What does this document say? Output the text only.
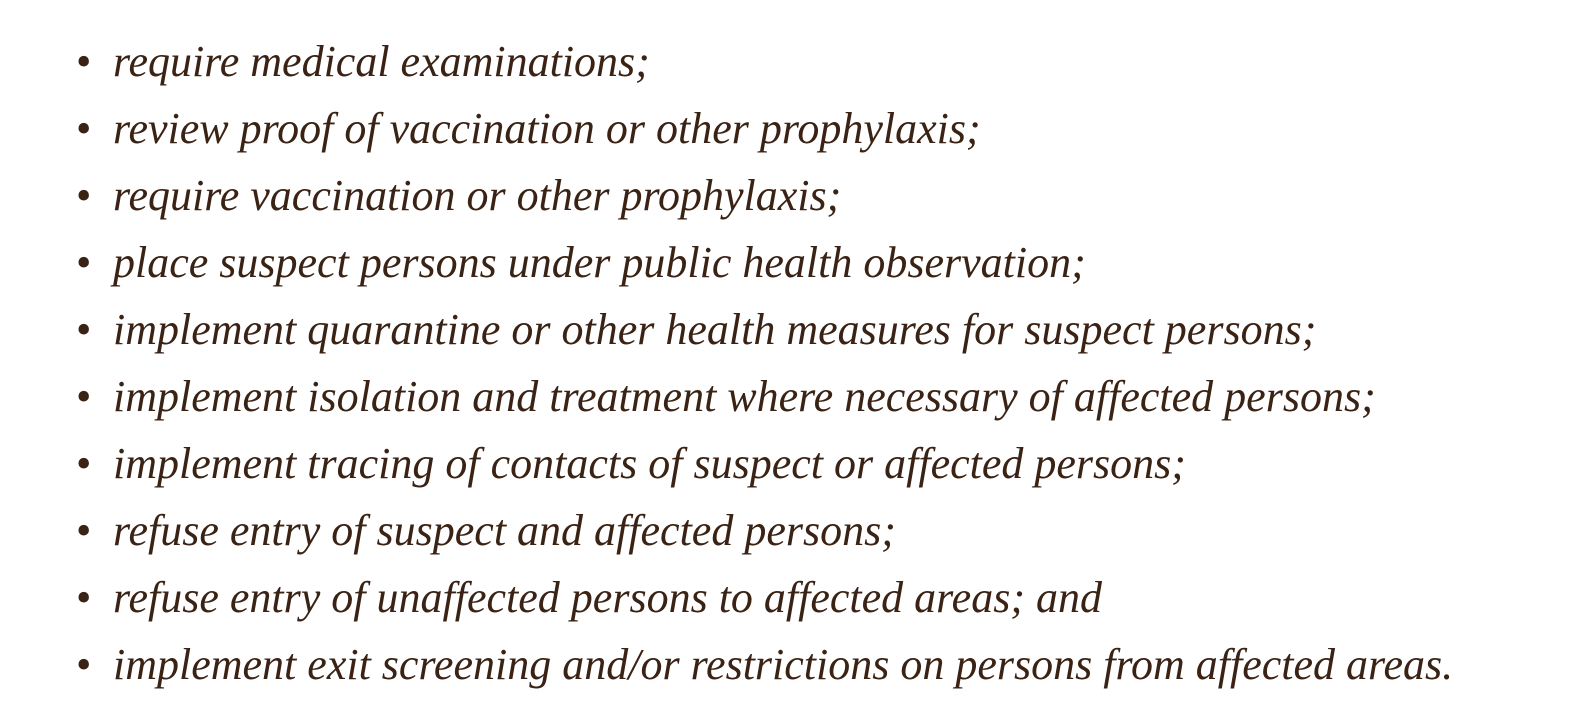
• require medical examinations;
• review proof of vaccination or other prophylaxis;
• require vaccination or other prophylaxis;
• place suspect persons under public health observation;
• implement quarantine or other health measures for suspect persons;
• implement isolation and treatment where necessary of affected persons;
• implement tracing of contacts of suspect or affected persons;
• refuse entry of suspect and affected persons;
• refuse entry of unaffected persons to affected areas; and
• implement exit screening and/or restrictions on persons from affected areas.
